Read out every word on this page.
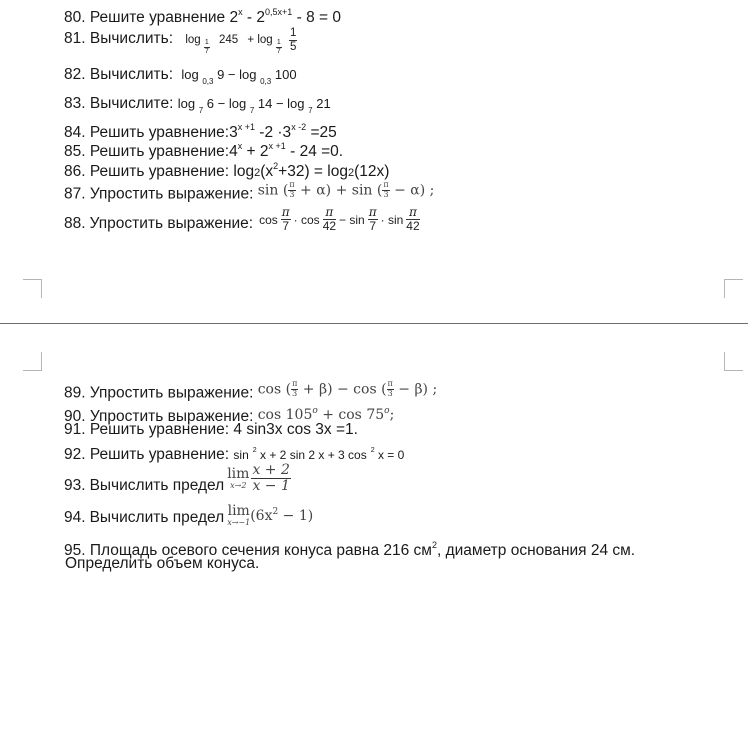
80. Решите уравнение $2^x - 2^{0,5x+1} - 8 = 0$
81. Вычислить: $\log \frac{1}{7} 245 + \log \frac{1}{7}$
$\frac{1}{5}$
82. Вычислить: log $_{0,3}$ 9 − log $_{0,3}$ 100
83. Вычислите: log $_7$ 6 − log $_7$ 14 − log $_7$ 21
84. Решить $уравнение:3^{x +1}$ $-2 \cdot 3^{x -2} =25$
85. Решить $уравнение:4^x + 2^{x +1} - 24 =0$.
86. Решить уравнение: $\log 2(x^2+32) = \log 2(12x)$
87. Упростить выражение: sin ( $\frac{\pi}{3} + \alpha) + \sin$ ( $\frac{\pi}{3} - \alpha$) ;
88. Упростить выражение: $\cos \frac{\pi}{7} \cdot \cos \frac{\pi}{42} - \sin \frac{\pi}{7} \cdot \sin \frac{\pi}{42}$
89. Упростить выражение: cos ( $\frac{\pi}{3} + \beta) - \cos$ ( $\frac{\pi}{3} - \beta$) ;
90. Упростить выражение: $\cos 105^o + \cos 75^o$;
91. Решить уравнение: 4 sin3x cos 3x =1.
92. Решить уравнение: sin $^2$ x + 2 sin 2 x + 3 cos $^2$ x = 0
93. Вычислить предел
lim
$x\to 2 \frac{x + 2}{x - 1}$
94. Вычислить предел lim
x→−1 $(6x^2 - 1)$
95. Площадь осевого сечения конуса равна 216 $см^2$, диаметр основания 24 см.
Определить объем конуса.
